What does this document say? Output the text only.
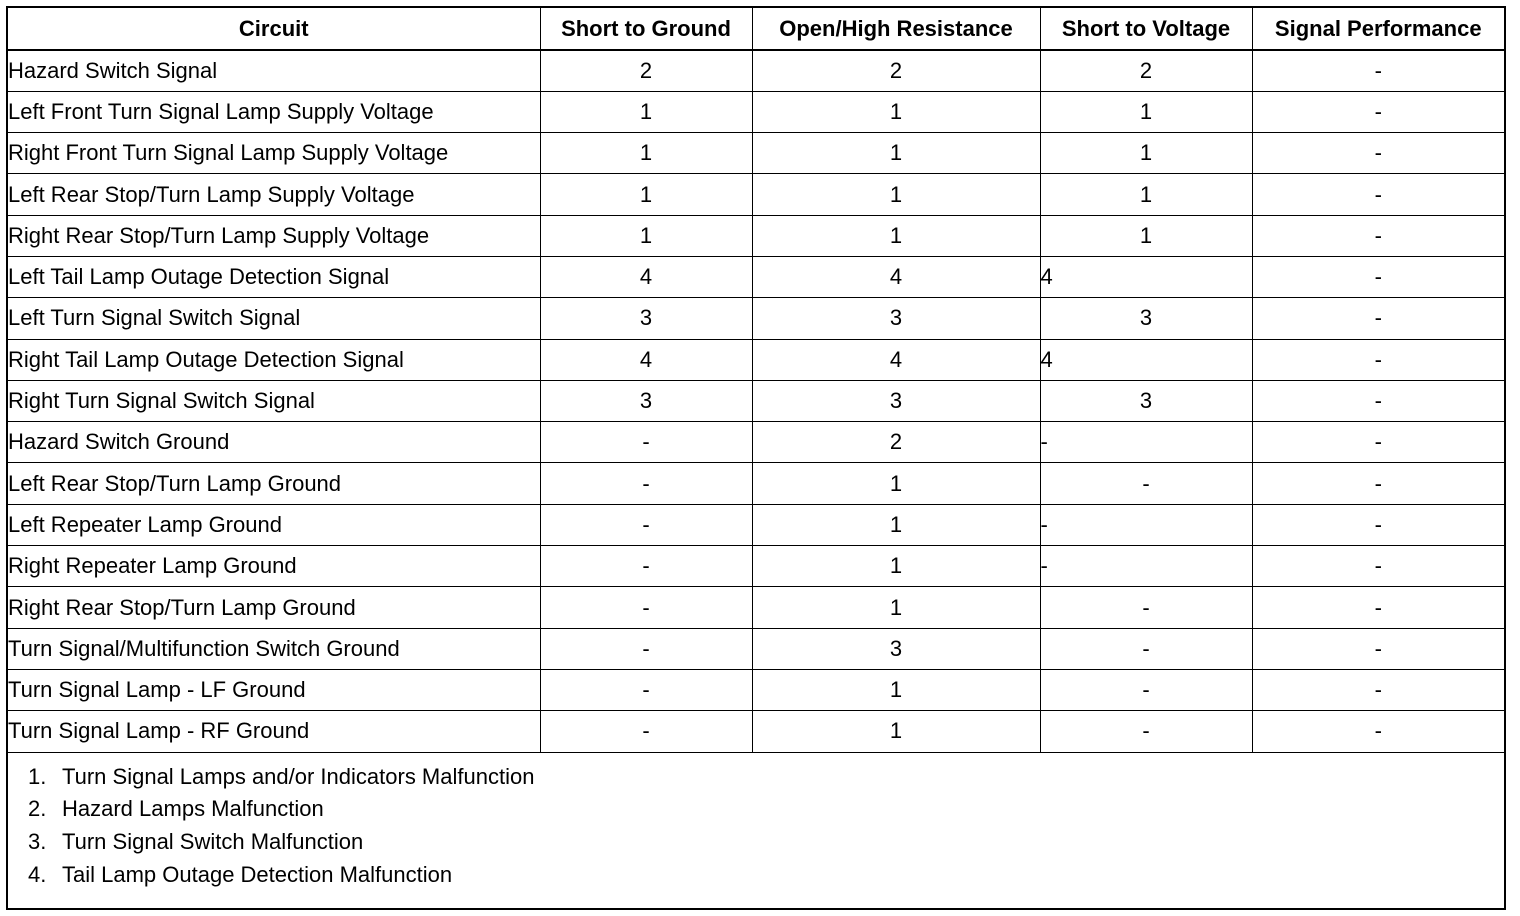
Circuit	Short to Ground	Open/High Resistance	Short to Voltage	Signal Performance
Hazard Switch Signal	2	2	2	-
Left Front Turn Signal Lamp Supply Voltage	1	1	1	-
Right Front Turn Signal Lamp Supply Voltage	1	1	1	-
Left Rear Stop/Turn Lamp Supply Voltage	1	1	1	-
Right Rear Stop/Turn Lamp Supply Voltage	1	1	1	-
Left Tail Lamp Outage Detection Signal	4	4	4	-
Left Turn Signal Switch Signal	3	3	3	-
Right Tail Lamp Outage Detection Signal	4	4	4	-
Right Turn Signal Switch Signal	3	3	3	-
Hazard Switch Ground	-	2	-	-
Left Rear Stop/Turn Lamp Ground	-	1	-	-
Left Repeater Lamp Ground	-	1	-	-
Right Repeater Lamp Ground	-	1	-	-
Right Rear Stop/Turn Lamp Ground	-	1	-	-
Turn Signal/Multifunction Switch Ground	-	3	-	-
Turn Signal Lamp - LF Ground	-	1	-	-
Turn Signal Lamp - RF Ground	-	1	-	-
1. Turn Signal Lamps and/or Indicators Malfunction
2. Hazard Lamps Malfunction
3. Turn Signal Switch Malfunction
4. Tail Lamp Outage Detection Malfunction
